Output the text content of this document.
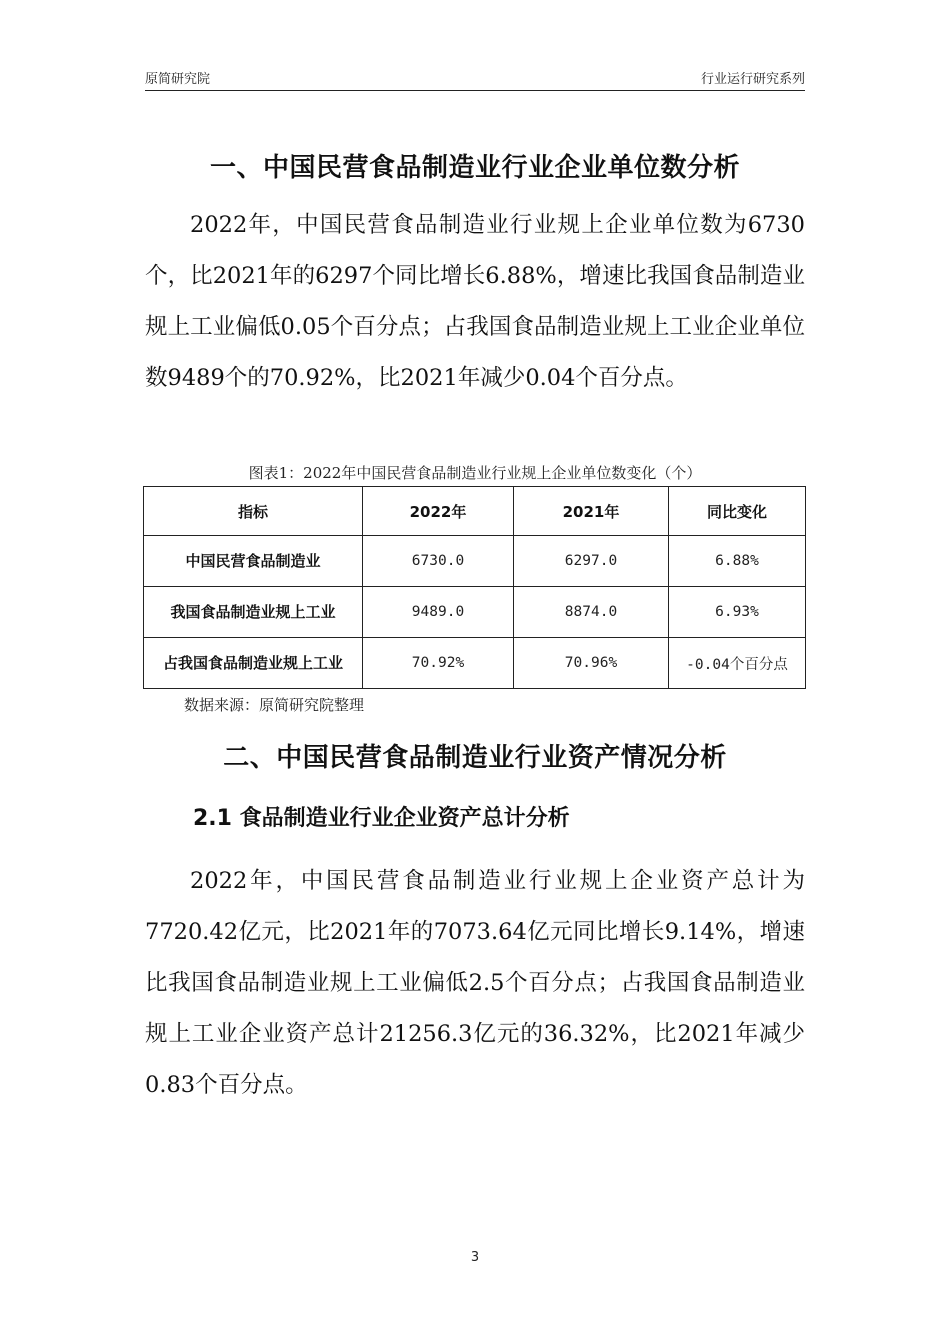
原简研究院	行业运行研究系列
一、中国民营食品制造业行业企业单位数分析

2022年，中国民营食品制造业行业规上企业单位数为6730个，比2021年的6297个同比增长6.88%，增速比我国食品制造业规上工业偏低0.05个百分点；占我国食品制造业规上工业企业单位数9489个的70.92%，比2021年减少0.04个百分点。

图表1：2022年中国民营食品制造业行业规上企业单位数变化（个）
指标	2022年	2021年	同比变化
中国民营食品制造业	6730.0	6297.0	6.88%
我国食品制造业规上工业	9489.0	8874.0	6.93%
占我国食品制造业规上工业	70.92%	70.96%	-0.04个百分点
数据来源：原简研究院整理
二、中国民营食品制造业行业资产情况分析
2.1 食品制造业行业企业资产总计分析

2022年，中国民营食品制造业行业规上企业资产总计为7720.42亿元，比2021年的7073.64亿元同比增长9.14%，增速比我国食品制造业规上工业偏低2.5个百分点；占我国食品制造业规上工业企业资产总计21256.3亿元的36.32%，比2021年减少0.83个百分点。

3
